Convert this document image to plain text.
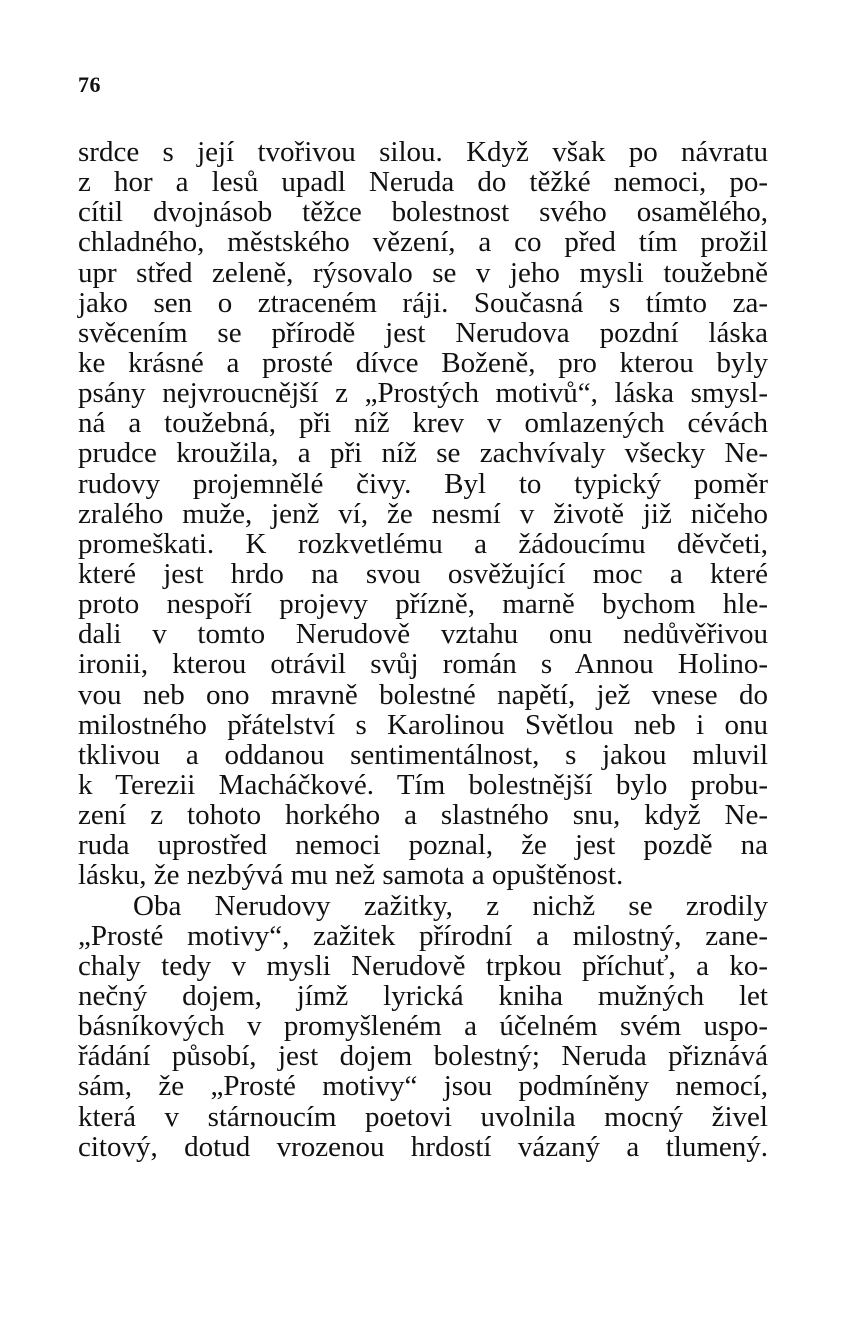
76
srdce s její tvořivou silou. Když však po návratu
z hor a lesů upadl Neruda do těžké nemoci, po-
cítil dvojnásob těžce bolestnost svého osamělého,
chladného, městského vězení, a co před tím prožil
upr střed zeleně, rýsovalo se v jeho mysli toužebně
jako sen o ztraceném ráji. Současná s tímto za-
svěcením se přírodě jest Nerudova pozdní láska
ke krásné a prosté dívce Boženě, pro kterou byly
psány nejvroucnější z „Prostých motivů“, láska smysl-
ná a toužebná, při níž krev v omlazených cévách
prudce kroužila, a při níž se zachvívaly všecky Ne-
rudovy projemnělé čivy. Byl to typický poměr
zralého muže, jenž ví, že nesmí v životě již ničeho
promeškati. K rozkvetlému a žádoucímu děvčeti,
které jest hrdo na svou osvěžující moc a které
proto nespoří projevy přízně, marně bychom hle-
dali v tomto Nerudově vztahu onu nedůvěřivou
ironii, kterou otrávil svůj román s Annou Holino-
vou neb ono mravně bolestné napětí, jež vnese do
milostného přátelství s Karolinou Světlou neb i onu
tklivou a oddanou sentimentálnost, s jakou mluvil
k Terezii Macháčkové. Tím bolestnější bylo probu-
zení z tohoto horkého a slastného snu, když Ne-
ruda uprostřed nemoci poznal, že jest pozdě na
lásku, že nezbývá mu než samota a opuštěnost.
Oba Nerudovy zažitky, z nichž se zrodily
„Prosté motivy“, zažitek přírodní a milostný, zane-
chaly tedy v mysli Nerudově trpkou příchuť, a ko-
nečný dojem, jímž lyrická kniha mužných let
básníkových v promyšleném a účelném svém uspo-
řádání působí, jest dojem bolestný; Neruda přiznává
sám, že „Prosté motivy“ jsou podmíněny nemocí,
která v stárnoucím poetovi uvolnila mocný živel
citový, dotud vrozenou hrdostí vázaný a tlumený.
